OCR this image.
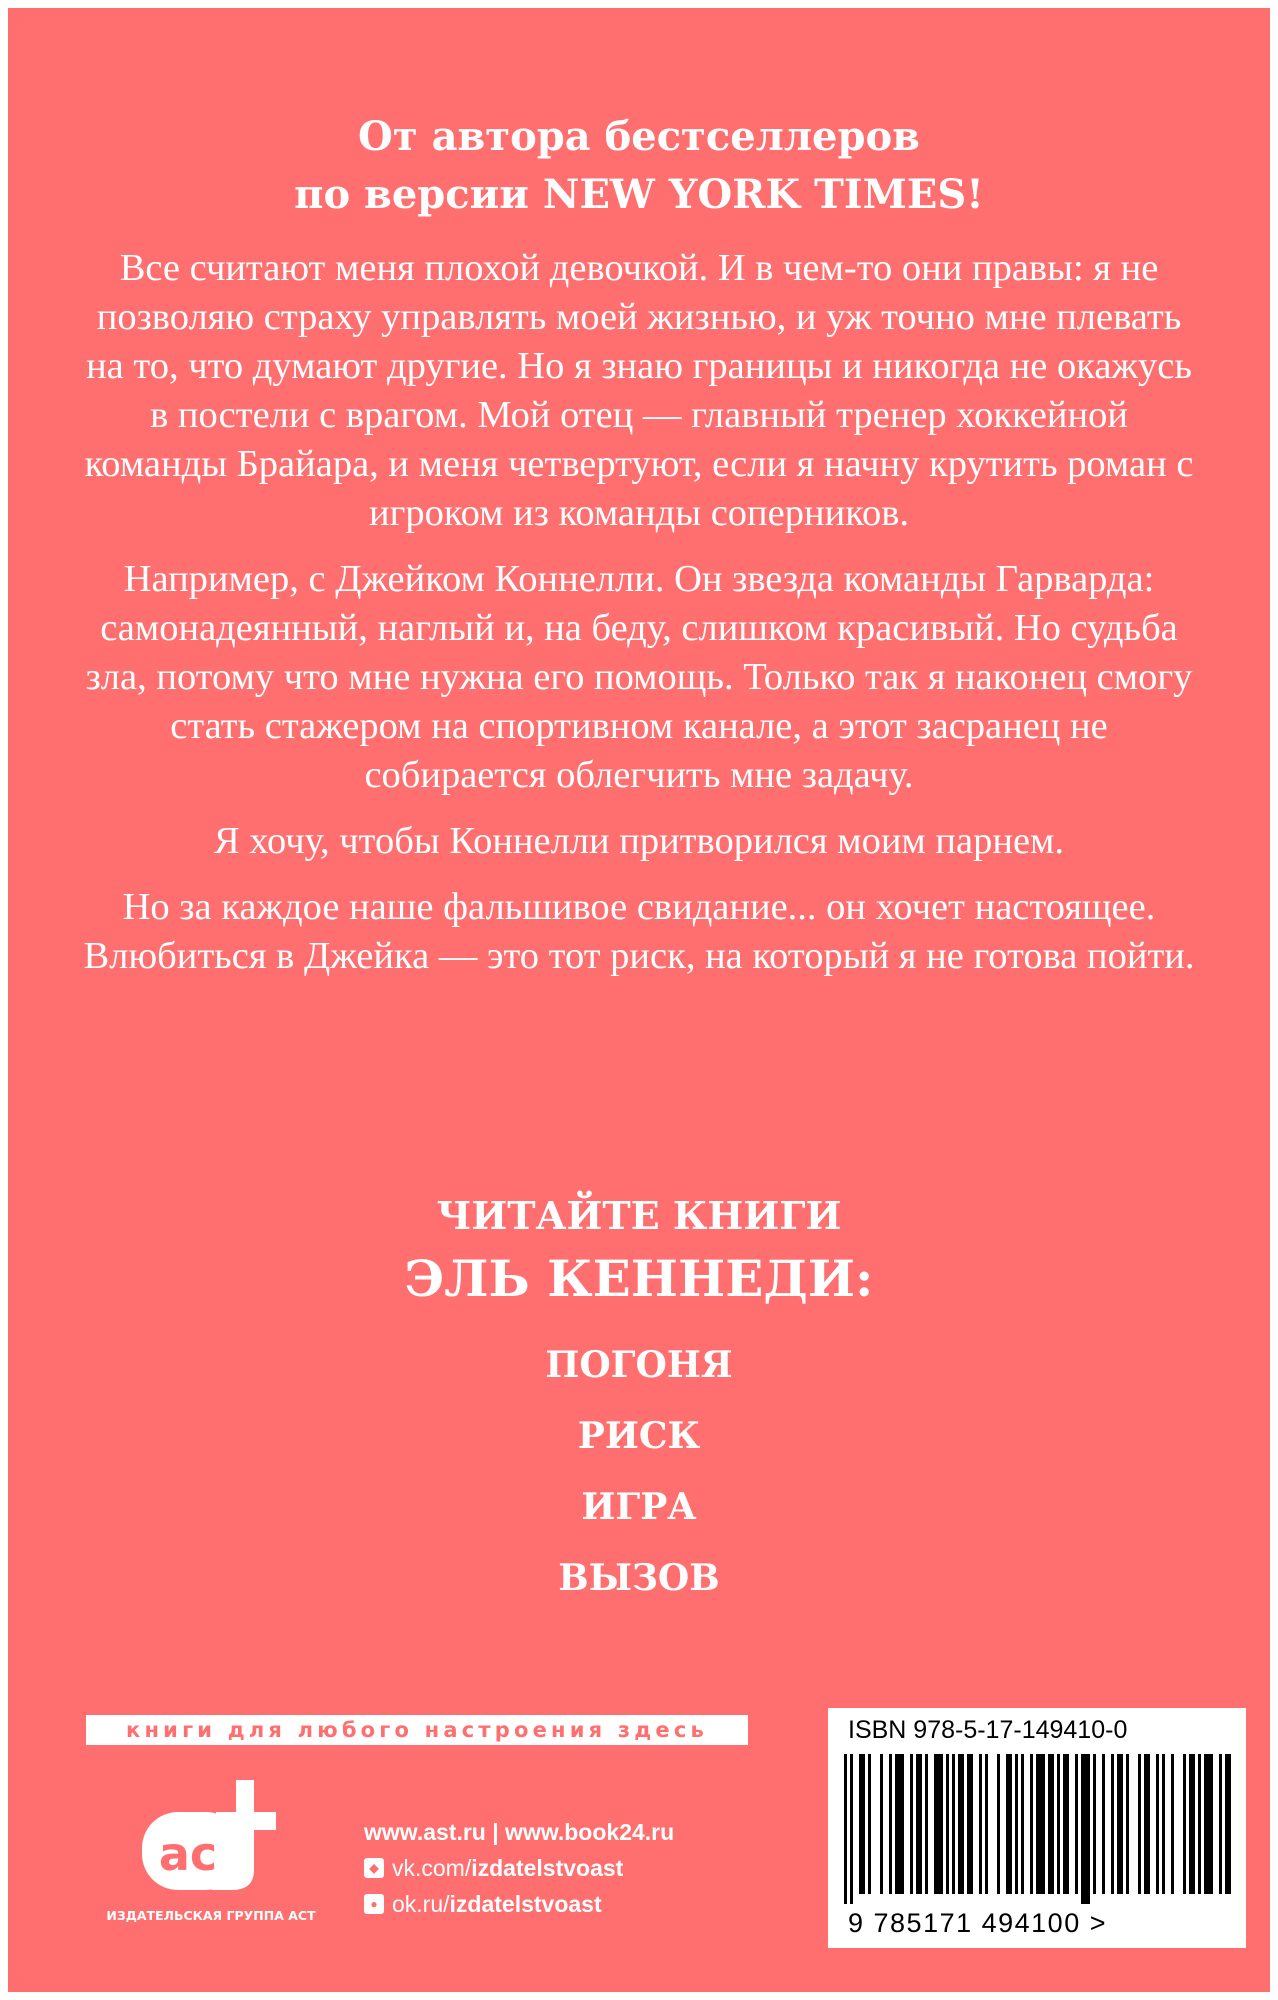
От автора бестселлеров
по версии NEW YORK TIMES!

Все считают меня плохой девочкой. И в чем-то они правы: я не позволяю страху управлять моей жизнью, и уж точно мне плевать на то, что думают другие. Но я знаю границы и никогда не окажусь в постели с врагом. Мой отец — главный тренер хоккейной команды Брайара, и меня четвертуют, если я начну крутить роман с игроком из команды соперников.

Например, с Джейком Коннелли. Он звезда команды Гарварда: самонадеянный, наглый и, на беду, слишком красивый. Но судьба зла, потому что мне нужна его помощь. Только так я наконец смогу стать стажером на спортивном канале, а этот засранец не собирается облегчить мне задачу.

Я хочу, чтобы Коннелли притворился моим парнем.

Но за каждое наше фальшивое свидание... он хочет настоящее. Влюбиться в Джейка — это тот риск, на который я не готова пойти.

ЧИТАЙТЕ КНИГИ
ЭЛЬ КЕННЕДИ:
ПОГОНЯ
РИСК
ИГРА
ВЫЗОВ
книги для любого настроения здесь
ас
ИЗДАТЕЛЬСКАЯ ГРУППА АСТ
www.ast.ru | www.book24.ru
◆ vk.com/ izdatelstvoast
● ok.ru/ izdatelstvoast
ISBN 978-5-17-149410-0
9 785171 494100 >
